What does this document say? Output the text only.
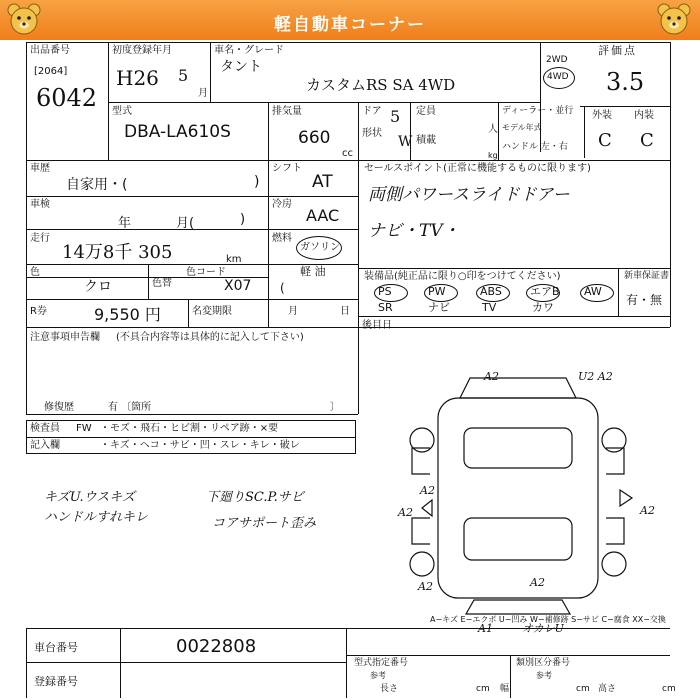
軽自動車コーナー
出品番号
[2064]
6042
初度登録年月
H26 5
月
車名・グレード
タント
カスタムRS SA 4WD
2WD
4WD
評価点
3.5
外装 内装
C C
型式
DBA-LA610S
排気量
660
cc
ドア 5
形状
W
定員
人
積載
kg
ディーラー・並行
モデル年式
ハンドル 左・右
車歴
自家用・(	)
シフト
AT
車検
年	月(	)
冷房
AAC
走行
14万8千 305	km
燃料
ガソリン
軽 油
(
色
クロ	色替
色コード
X07
R券	9,550 円	名変期限	月	日
セールスポイント(正常に機能するものに限ります)
両側パワースライドドアー
ナビ・TV・
装備品(純正品に限り○印をつけてください)	新車保証書
PS	PW	ABS	エアB AW
SR	ナビ	TV	カワ
有・無
後目日
注意事項申告欄 (不具合内容等は具体的に記入して下さい)
修復歴	有 〔箇所	〕
検査員 FW ・モズ・飛石・ヒビ割・リペア跡・×要
記入欄	・キズ・ヘコ・サビ・凹・スレ・キレ・破レ
キズU.ウスキズ
ハンドルすれキレ
下廻りSC.P.サビ
コアサポート歪み
A2	U2 A2
A2
A2	A2
A2	A2
A1	オカレU
A−キズ E−エクボ U−凹み W−補修跡 S−サビ C−腐食 XX−交換
車台番号	0022808
登録番号
型式指定番号
参考
類別区分番号
参考
長さ	cm 幅	cm 高さ	cm
